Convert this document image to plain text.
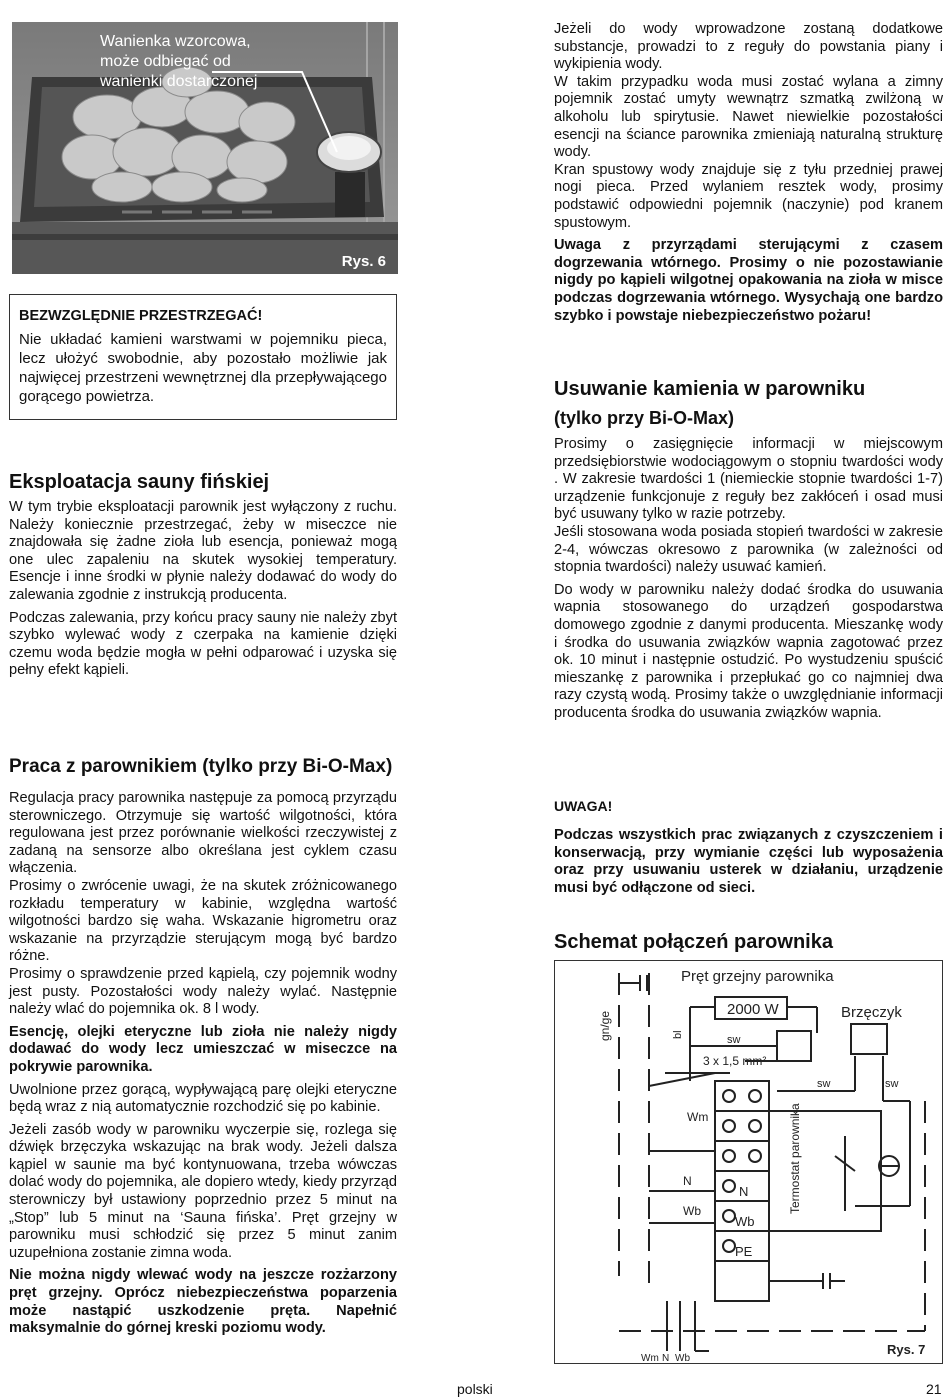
Wanienka wzorcowa,
może odbiegać od
wanienki dostarczonej
Rys. 6
BEZWZGLĘDNIE PRZESTRZEGAĆ!

Nie układać kamieni warstwami w pojemniku pieca, lecz ułożyć swobodnie, aby pozostało możliwie jak najwięcej przestrzeni wewnętrznej dla przepływającego gorącego powietrza.

Eksploatacja sauny fińskiej

W tym trybie eksploatacji parownik jest wyłączony z ruchu. Należy koniecznie przestrzegać, żeby w miseczce nie znajdowała się żadne zioła lub esencja, ponieważ mogą one ulec zapaleniu na skutek wysokiej temperatury. Esencje i inne środki w płynie należy dodawać do wody do zalewania zgodnie z instrukcją producenta.

Podczas zalewania, przy końcu pracy sauny nie należy zbyt szybko wylewać wody z czerpaka na kamienie dzięki czemu woda będzie mogła w pełni odparować i uzyska się pełny efekt kąpieli.

Praca z parownikiem (tylko przy Bi-O-Max)

Regulacja pracy parownika następuje za pomocą przyrządu sterowniczego. Otrzymuje się wartość wilgotności, która regulowana jest przez porównanie wielkości rzeczywistej z zadaną na sensorze albo określana jest cyklem czasu włączenia.

Prosimy o zwrócenie uwagi, że na skutek zróżnicowanego rozkładu temperatury w kabinie, względna wartość wilgotności bardzo się waha. Wskazanie higrometru oraz wskazanie na przyrządzie sterującym mogą być bardzo różne.

Prosimy o sprawdzenie przed kąpielą, czy pojemnik wodny jest pusty. Pozostałości wody należy wylać. Następnie należy wlać do pojemnika ok. 8 l wody.

Esencję, olejki eteryczne lub zioła nie należy nigdy dodawać do wody lecz umieszczać w miseczce na pokrywie parownika.

Uwolnione przez gorącą, wypływającą parę olejki eteryczne będą wraz z nią automatycznie rozchodzić się po kabinie.

Jeżeli zasób wody w parowniku wyczerpie się, rozlega się dźwięk brzęczyka wskazując na brak wody. Jeżeli dalsza kąpiel w saunie ma być kontynuowana, trzeba wówczas dolać wody do pojemnika, ale dopiero wtedy, kiedy przyrząd sterowniczy był ustawiony poprzednio przez 5 minut na „Stop” lub 5 minut na ‘Sauna fińska’. Pręt grzejny w parowniku musi schłodzić się przez 5 minut zanim uzupełniona zostanie zimna woda.

Nie można nigdy wlewać wody na jeszcze rozżarzony pręt grzejny. Oprócz niebezpieczeństwa poparzenia może nastąpić uszkodzenie pręta. Napełnić maksymalnie do górnej kreski poziomu wody.

Jeżeli do wody wprowadzone zostaną dodatkowe substancje, prowadzi to z reguły do powstania piany i wykipienia wody.

W takim przypadku woda musi zostać wylana a zimny pojemnik zostać umyty wewnątrz szmatką zwilżoną w alkoholu lub spirytusie. Nawet niewielkie pozostałości esencji na ściance parownika zmieniają naturalną strukturę wody.

Kran spustowy wody znajduje się z tyłu przedniej prawej nogi pieca. Przed wylaniem resztek wody, prosimy podstawić odpowiedni pojemnik (naczynie) pod kranem spustowym.

Uwaga z przyrządami sterującymi z czasem dogrzewania wtórnego. Prosimy o nie pozostawianie nigdy po kąpieli wilgotnej opakowania na zioła w misce podczas dogrzewania wtórnego. Wysychają one bardzo szybko i powstaje niebezpieczeństwo pożaru!

Usuwanie kamienia w parowniku
(tylko przy Bi-O-Max)

Prosimy o zasięgnięcie informacji w miejscowym przedsiębiorstwie wodociągowym o stopniu twardości wody . W zakresie twardości 1 (niemieckie stopnie twardości 1-7) urządzenie funkcjonuje z reguły bez zakłóceń i osad musi być usuwany tylko w razie potrzeby.

Jeśli stosowana woda posiada stopień twardości w zakresie 2-4, wówczas okresowo z parownika (w zależności od stopnia twardości) należy usuwać kamień.

Do wody w parowniku należy dodać środka do usuwania wapnia stosowanego do urządzeń gospodarstwa domowego zgodnie z danymi producenta. Mieszankę wody i środka do usuwania związków wapnia zagotować przez ok. 10 minut i następnie ostudzić. Po wystudzeniu spuścić mieszankę z parownika i przepłukać go co najmniej dwa razy czystą wodą. Prosimy także o uwzględnianie informacji producenta środka do usuwania związków wapnia.

UWAGA!

Podczas wszystkich prac związanych z czyszczeniem i konserwacją, przy wymianie części lub wyposażenia oraz przy usuwaniu usterek w działaniu, urządzenie musi być odłączone od sieci.

Schemat połączeń parownika
Pręt grzejny parownika
2000 W	Brzęczyk
gn/ge	bl	sw
3 x 1,5 mm²
sw	sw
Wm
N
Wb
N
Wb
PE
Termostat parownika
Wm N Wb
Rys. 7
polski	21
